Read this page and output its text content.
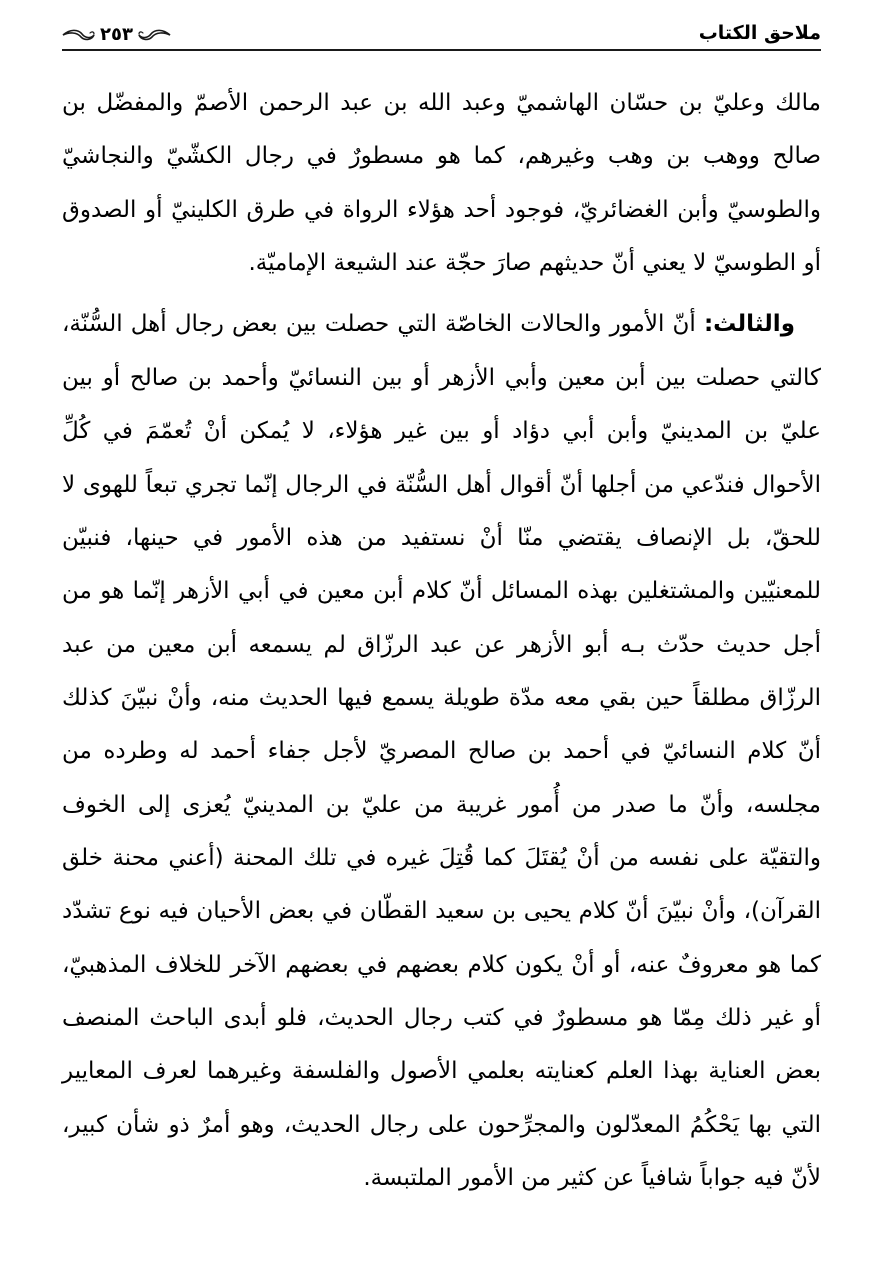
ملاحق الكتاب
٢٥٣

مالك وعليّ بن حسّان الهاشميّ وعبد الله بن عبد الرحمن الأصمّ والمفضّل بن صالح ووهب بن وهب وغيرهم، كما هو مسطورٌ في رجال الكشّيّ والنجاشيّ والطوسيّ وأبن الغضائريّ، فوجود أحد هؤلاء الرواة في طرق الكلينيّ أو الصدوق أو الطوسيّ لا يعني أنّ حديثهم صارَ حجّة عند الشيعة الإماميّة.

والثالث: أنّ الأمور والحالات الخاصّة التي حصلت بين بعض رجال أهل السُّنّة، كالتي حصلت بين أبن معين وأبي الأزهر أو بين النسائيّ وأحمد بن صالح أو بين عليّ بن المدينيّ وأبن أبي دؤاد أو بين غير هؤلاء، لا يُمكن أنْ تُعمّمَ في كُلِّ الأحوال فندّعي من أجلها أنّ أقوال أهل السُّنّة في الرجال إنّما تجري تبعاً للهوى لا للحقّ، بل الإنصاف يقتضي منّا أنْ نستفيد من هذه الأمور في حينها، فنبيّن للمعنيّين والمشتغلين بهذه المسائل أنّ كلام أبن معين في أبي الأزهر إنّما هو من أجل حديث حدّث بـه أبو الأزهر عن عبد الرزّاق لم يسمعه أبن معين من عبد الرزّاق مطلقاً حين بقي معه مدّة طويلة يسمع فيها الحديث منه، وأنْ نبيّنَ كذلك أنّ كلام النسائيّ في أحمد بن صالح المصريّ لأجل جفاء أحمد له وطرده من مجلسه، وأنّ ما صدر من أُمور غريبة من عليّ بن المدينيّ يُعزى إلى الخوف والتقيّة على نفسه من أنْ يُقتَلَ كما قُتِلَ غيره في تلك المحنة (أعني محنة خلق القرآن)، وأنْ نبيّنَ أنّ كلام يحيى بن سعيد القطّان في بعض الأحيان فيه نوع تشدّد كما هو معروفٌ عنه، أو أنْ يكون كلام بعضهم في بعضهم الآخر للخلاف المذهبيّ، أو غير ذلك مِمّا هو مسطورٌ في كتب رجال الحديث، فلو أبدى الباحث المنصف بعض العناية بهذا العلم كعنايته بعلمي الأصول والفلسفة وغيرهما لعرف المعايير التي بها يَحْكُمُ المعدّلون والمجرِّحون على رجال الحديث، وهو أمرٌ ذو شأن كبير، لأنّ فيه جواباً شافياً عن كثير من الأمور الملتبسة.
